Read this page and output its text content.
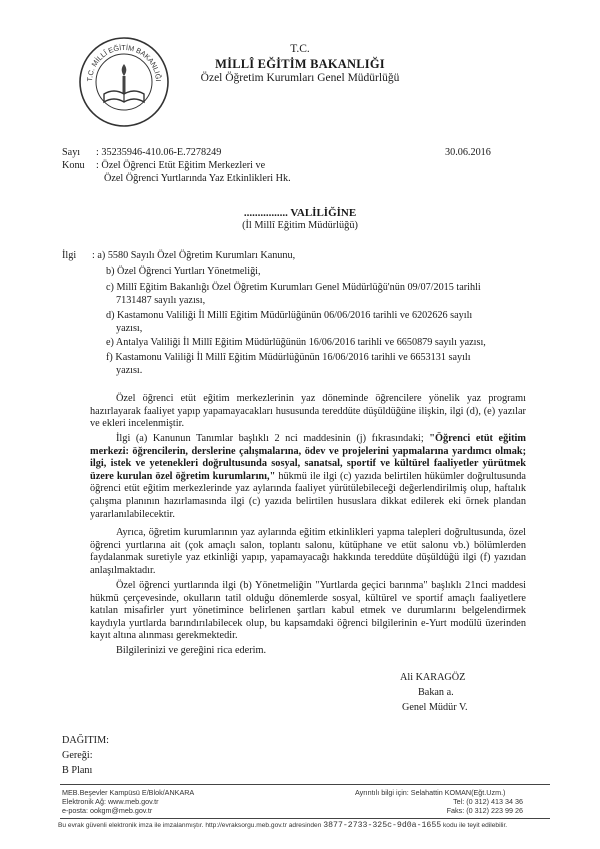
T.C. MİLLÎ EĞİTİM BAKANLIĞI
T.C.
MİLLÎ EĞİTİM BAKANLIĞI
Özel Öğretim Kurumları Genel Müdürlüğü
Sayı : 35235946-410.06-E.7278249	30.06.2016
Konu : Özel Öğrenci Etüt Eğitim Merkezleri ve
Özel Öğrenci Yurtlarında Yaz Etkinlikleri Hk.
................ VALİLİĞİNE
(İl Millî Eğitim Müdürlüğü)
İlgi : a) 5580 Sayılı Özel Öğretim Kurumları Kanunu,
b) Özel Öğrenci Yurtları Yönetmeliği,
c) Millî Eğitim Bakanlığı Özel Öğretim Kurumları Genel Müdürlüğü'nün 09/07/2015 tarihli
7131487 sayılı yazısı,
d) Kastamonu Valiliği İl Millî Eğitim Müdürlüğünün 06/06/2016 tarihli ve 6202626 sayılı
yazısı,
e) Antalya Valiliği İl Millî Eğitim Müdürlüğünün 16/06/2016 tarihli ve 6650879 sayılı yazısı,
f) Kastamonu Valiliği İl Millî Eğitim Müdürlüğünün 16/06/2016 tarihli ve 6653131 sayılı
yazısı.

Özel öğrenci etüt eğitim merkezlerinin yaz döneminde öğrencilere yönelik yaz programı hazırlayarak faaliyet yapıp yapamayacakları hususunda tereddüte düşüldüğüne ilişkin, ilgi (d), (e) yazılar ve ekleri incelenmiştir.

İlgi (a) Kanunun Tanımlar başlıklı 2 nci maddesinin (j) fıkrasındaki; "Öğrenci etüt eğitim merkezi: öğrencilerin, derslerine çalışmalarına, ödev ve projelerini yapmalarına yardımcı olmak; ilgi, istek ve yetenekleri doğrultusunda sosyal, sanatsal, sportif ve kültürel faaliyetler yürütmek üzere kurulan özel öğretim kurumlarını," hükmü ile ilgi (c) yazıda belirtilen hükümler doğrultusunda öğrenci etüt eğitim merkezlerinde yaz aylarında faaliyet yürütülebileceği değerlendirilmiş olup, haftalık çalışma planının hazırlamasında ilgi (c) yazıda belirtilen hususlara dikkat edilerek eki örnek plandan yararlanılabilecektir.

Ayrıca, öğretim kurumlarının yaz aylarında eğitim etkinlikleri yapma talepleri doğrultusunda, özel öğrenci yurtlarına ait (çok amaçlı salon, toplantı salonu, kütüphane ve etüt salonu vb.) bölümlerden faydalanmak suretiyle yaz etkinliği yapıp, yapamayacağı hakkında tereddüte düşüldüğü ilgi (f) yazıdan anlaşılmaktadır.

Özel öğrenci yurtlarında ilgi (b) Yönetmeliğin "Yurtlarda geçici barınma" başlıklı 21nci maddesi hükmü çerçevesinde, okulların tatil olduğu dönemlerde sosyal, kültürel ve sportif amaçlı faaliyetlere katılan misafirler yurt yönetimince belirlenen şartları kabul etmek ve durumlarını belgelendirmek kaydıyla yurtlarda barındırılabilecek olup, bu kapsamdaki öğrenci bilgilerinin e-Yurt modülü üzerinden kayıt altına alınması gerekmektedir.

Bilgilerinizi ve gereğini rica ederim.

Ali KARAGÖZ
Bakan a.
Genel Müdür V.
DAĞITIM:
Gereği:
B Planı
MEB.Beşevler Kampüsü E/Blok/ANKARA
Elektronik Ağ: www.meb.gov.tr
e-posta: ookgm@meb.gov.tr
Ayrıntılı bilgi için: Selahattin KOMAN(Eğt.Uzm.)
Tel: (0 312) 413 34 36
Faks: (0 312) 223 99 26
Bu evrak güvenli elektronik imza ile imzalanmıştır. http://evraksorgu.meb.gov.tr adresinden 3877-2733-325c-9d0a-1655 kodu ile teyit edilebilir.
